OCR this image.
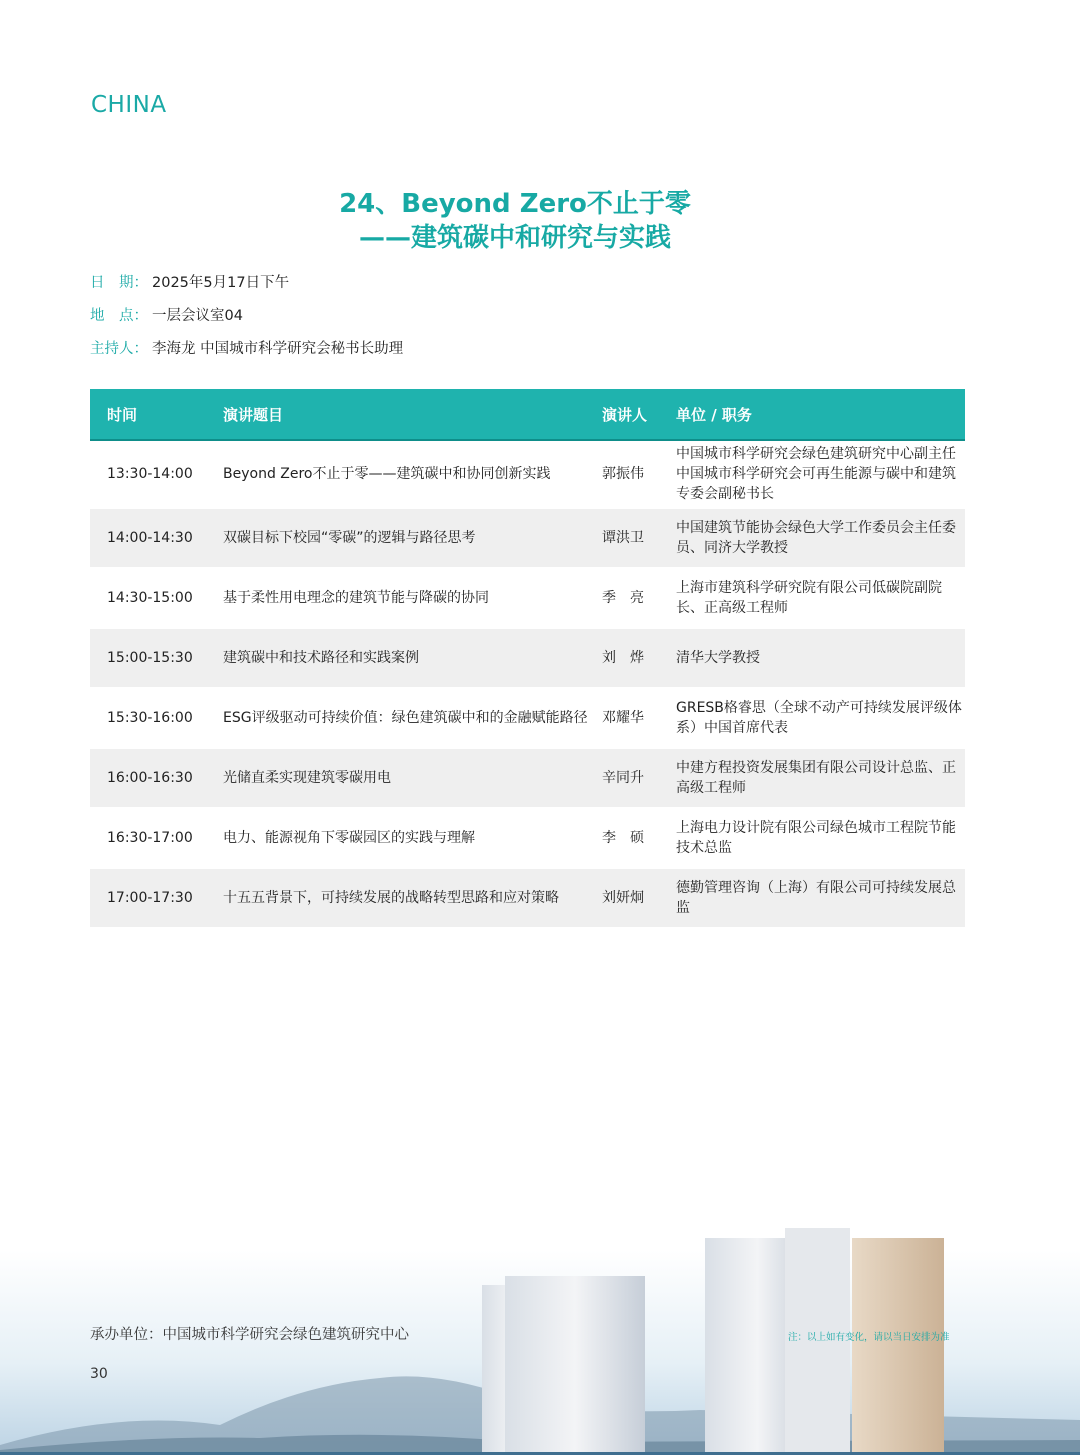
CHINA
24、Beyond Zero不止于零
——建筑碳中和研究与实践
日　期： 2025年5月17日下午
地　点： 一层会议室04
主持人： 李海龙 中国城市科学研究会秘书长助理
时间	演讲题目	演讲人	单位 / 职务
13:30-14:00	Beyond Zero不止于零——建筑碳中和协同创新实践	郭振伟	中国城市科学研究会绿色建筑研究中心副主任 中国城市科学研究会可再生能源与碳中和建筑专委会副秘书长
14:00-14:30	双碳目标下校园“零碳”的逻辑与路径思考	谭洪卫	中国建筑节能协会绿色大学工作委员会主任委员、同济大学教授
14:30-15:00	基于柔性用电理念的建筑节能与降碳的协同	季　亮	上海市建筑科学研究院有限公司低碳院副院长、正高级工程师
15:00-15:30	建筑碳中和技术路径和实践案例	刘　烨	清华大学教授
15:30-16:00	ESG评级驱动可持续价值：绿色建筑碳中和的金融赋能路径	邓耀华	GRESB格睿思（全球不动产可持续发展评级体系）中国首席代表
16:00-16:30	光储直柔实现建筑零碳用电	辛同升	中建方程投资发展集团有限公司设计总监、正高级工程师
16:30-17:00	电力、能源视角下零碳园区的实践与理解	李　硕	上海电力设计院有限公司绿色城市工程院节能技术总监
17:00-17:30	十五五背景下，可持续发展的战略转型思路和应对策略	刘妍炯	德勤管理咨询（上海）有限公司可持续发展总监
承办单位：中国城市科学研究会绿色建筑研究中心	注：以上如有变化，请以当日安排为准
30
